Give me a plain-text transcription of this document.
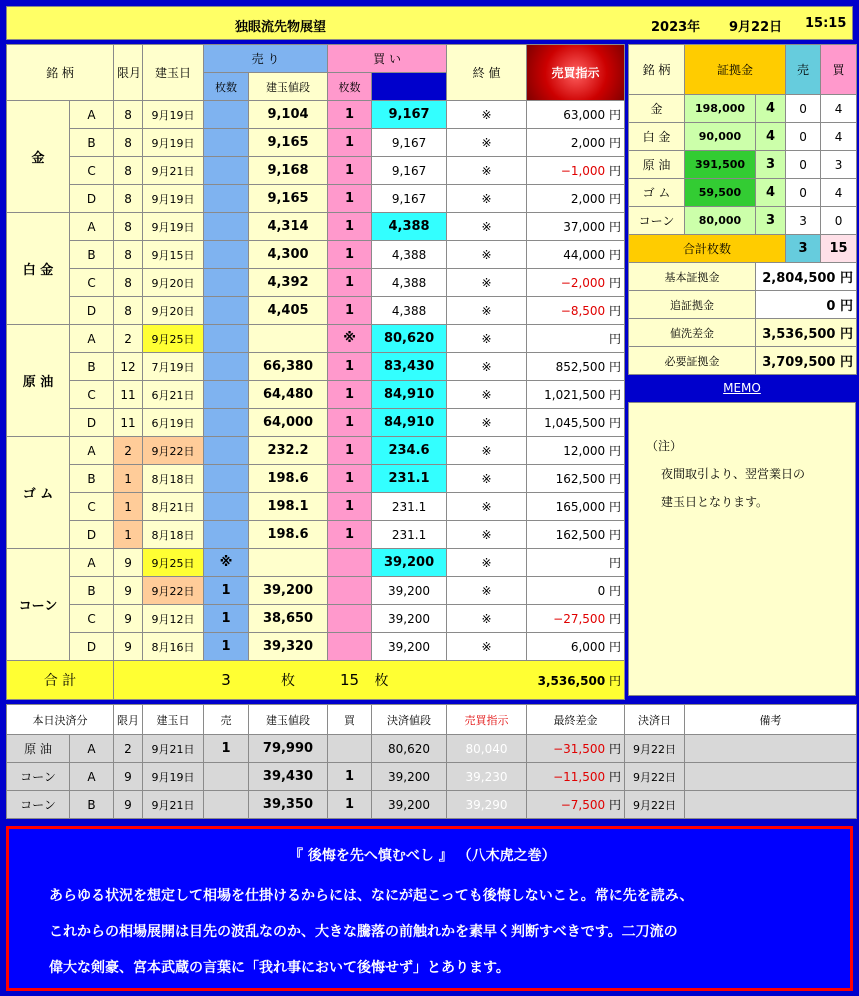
独眼流先物展望	2023年 9月22日 15:15
銘 柄		限月	建玉日	売 り		買 い		終 値	売買指示	
				枚数	建玉値段	枚数				
金	A	8	9月19日		9,104	1	9,167	※	63,000 円	
	B	8	9月19日		9,165	1	9,167	※	2,000 円	
	C	8	9月21日		9,168	1	9,167	※	−1,000 円	
	D	8	9月19日		9,165	1	9,167	※	2,000 円	
白 金	A	8	9月19日		4,314	1	4,388	※	37,000 円	
	B	8	9月15日		4,300	1	4,388	※	44,000 円	
	C	8	9月20日		4,392	1	4,388	※	−2,000 円	
	D	8	9月20日		4,405	1	4,388	※	−8,500 円	
原 油	A	2	9月25日			※	80,620	※	円	
	B	12	7月19日		66,380	1	83,430	※	852,500 円	
	C	11	6月21日		64,480	1	84,910	※	1,021,500 円	
	D	11	6月19日		64,000	1	84,910	※	1,045,500 円	
ゴ ム	A	2	9月22日		232.2	1	234.6	※	12,000 円	
	B	1	8月18日		198.6	1	231.1	※	162,500 円	
	C	1	8月21日		198.1	1	231.1	※	165,000 円	
	D	1	8月18日		198.6	1	231.1	※	162,500 円	
コーン	A	9	9月25日	※			39,200	※	円	
	B	9	9月22日	1	39,200		39,200	※	0 円	
	C	9	9月12日	1	38,650		39,200	※	−27,500 円	
	D	9	8月16日	1	39,320		39,200	※	6,000 円	
合 計				3	枚	15	枚	3,536,500 円		
銘 柄	証拠金		売	買
金	198,000	4	0	4
白 金	90,000	4	0	4
原 油	391,500	3	0	3
ゴ ム	59,500	4	0	4
コーン	80,000	3	3	0
合計枚数			3	15
基本証拠金		2,804,500 円		
追証拠金		0 円		
値洗差金		3,536,500 円		
必要証拠金		3,709,500 円		
MEMO
（注）
夜間取引より、翌営業日の
建玉日となります。
本日決済分		限月	建玉日	売	建玉値段	買	決済値段	売買指示	最終差金	決済日	備考
原 油	A	2	9月21日	1	79,990		80,620	80,040	−31,500 円	9月22日	
コーン	A	9	9月19日		39,430	1	39,200	39,230	−11,500 円	9月22日	
コーン	B	9	9月21日		39,350	1	39,200	39,290	−7,500 円	9月22日	
『 後悔を先へ慎むべし 』 （八木虎之巻）
あらゆる状況を想定して相場を仕掛けるからには、なにが起こっても後悔しないこと。常に先を読み、
これからの相場展開は目先の波乱なのか、大きな騰落の前触れかを素早く判断すべきです。二刀流の
偉大な剣豪、宮本武蔵の言葉に「我れ事において後悔せず」とあります。
